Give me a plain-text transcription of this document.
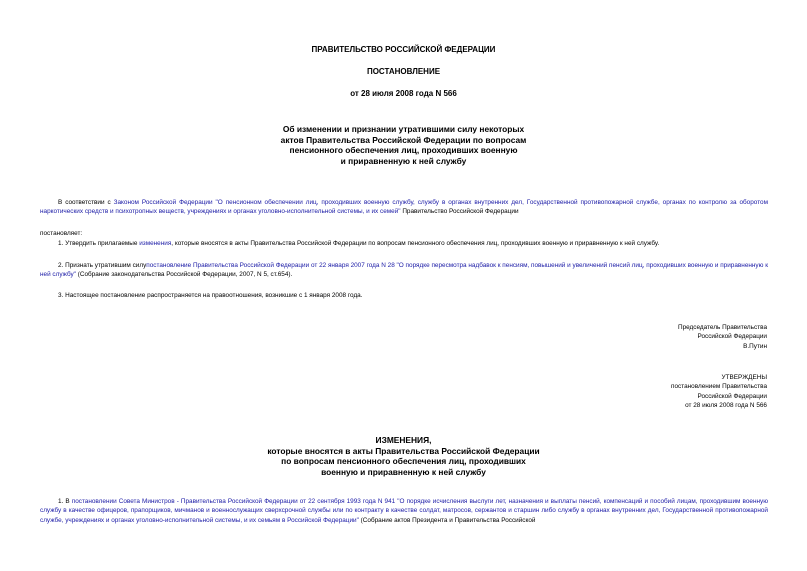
ПРАВИТЕЛЬСТВО РОССИЙСКОЙ ФЕДЕРАЦИИ
ПОСТАНОВЛЕНИЕ
от 28 июля 2008 года N 566
Об изменении и признании утратившими силу некоторых
актов Правительства Российской Федерации по вопросам
пенсионного обеспечения лиц, проходивших военную
и приравненную к ней службу
В соответствии с Законом Российской Федерации "О пенсионном обеспечении лиц, проходивших военную службу, службу в органах внутренних дел, Государственной противопожарной службе, органах по контролю за оборотом наркотических средств и психотропных веществ, учреждениях и органах уголовно-исполнительной системы, и их семей" Правительство Российской Федерации
постановляет:
1. Утвердить прилагаемые изменения, которые вносятся в акты Правительства Российской Федерации по вопросам пенсионного обеспечения лиц, проходивших военную и приравненную к ней службу.
2. Признать утратившим силупостановление Правительства Российской Федерации от 22 января 2007 года N 28 "О порядке пересмотра надбавок к пенсиям, повышений и увеличений пенсий лиц, проходивших военную и приравненную к ней службу" (Собрание законодательства Российской Федерации, 2007, N 5, ст.654).
3. Настоящее постановление распространяется на правоотношения, возникшие с 1 января 2008 года.
Председатель Правительства
Российской Федерации
В.Путин
УТВЕРЖДЕНЫ
постановлением Правительства
Российской Федерации
от 28 июля 2008 года N 566
ИЗМЕНЕНИЯ,
которые вносятся в акты Правительства Российской Федерации
по вопросам пенсионного обеспечения лиц, проходивших
военную и приравненную к ней службу
1. В постановлении Совета Министров - Правительства Российской Федерации от 22 сентября 1993 года N 941 "О порядке исчисления выслуги лет, назначения и выплаты пенсий, компенсаций и пособий лицам, проходившим военную службу в качестве офицеров, прапорщиков, мичманов и военнослужащих сверхсрочной службы или по контракту в качестве солдат, матросов, сержантов и старшин либо службу в органах внутренних дел, Государственной противопожарной службе, учреждениях и органах уголовно-исполнительной системы, и их семьям в Российской Федерации" (Собрание актов Президента и Правительства Российской
